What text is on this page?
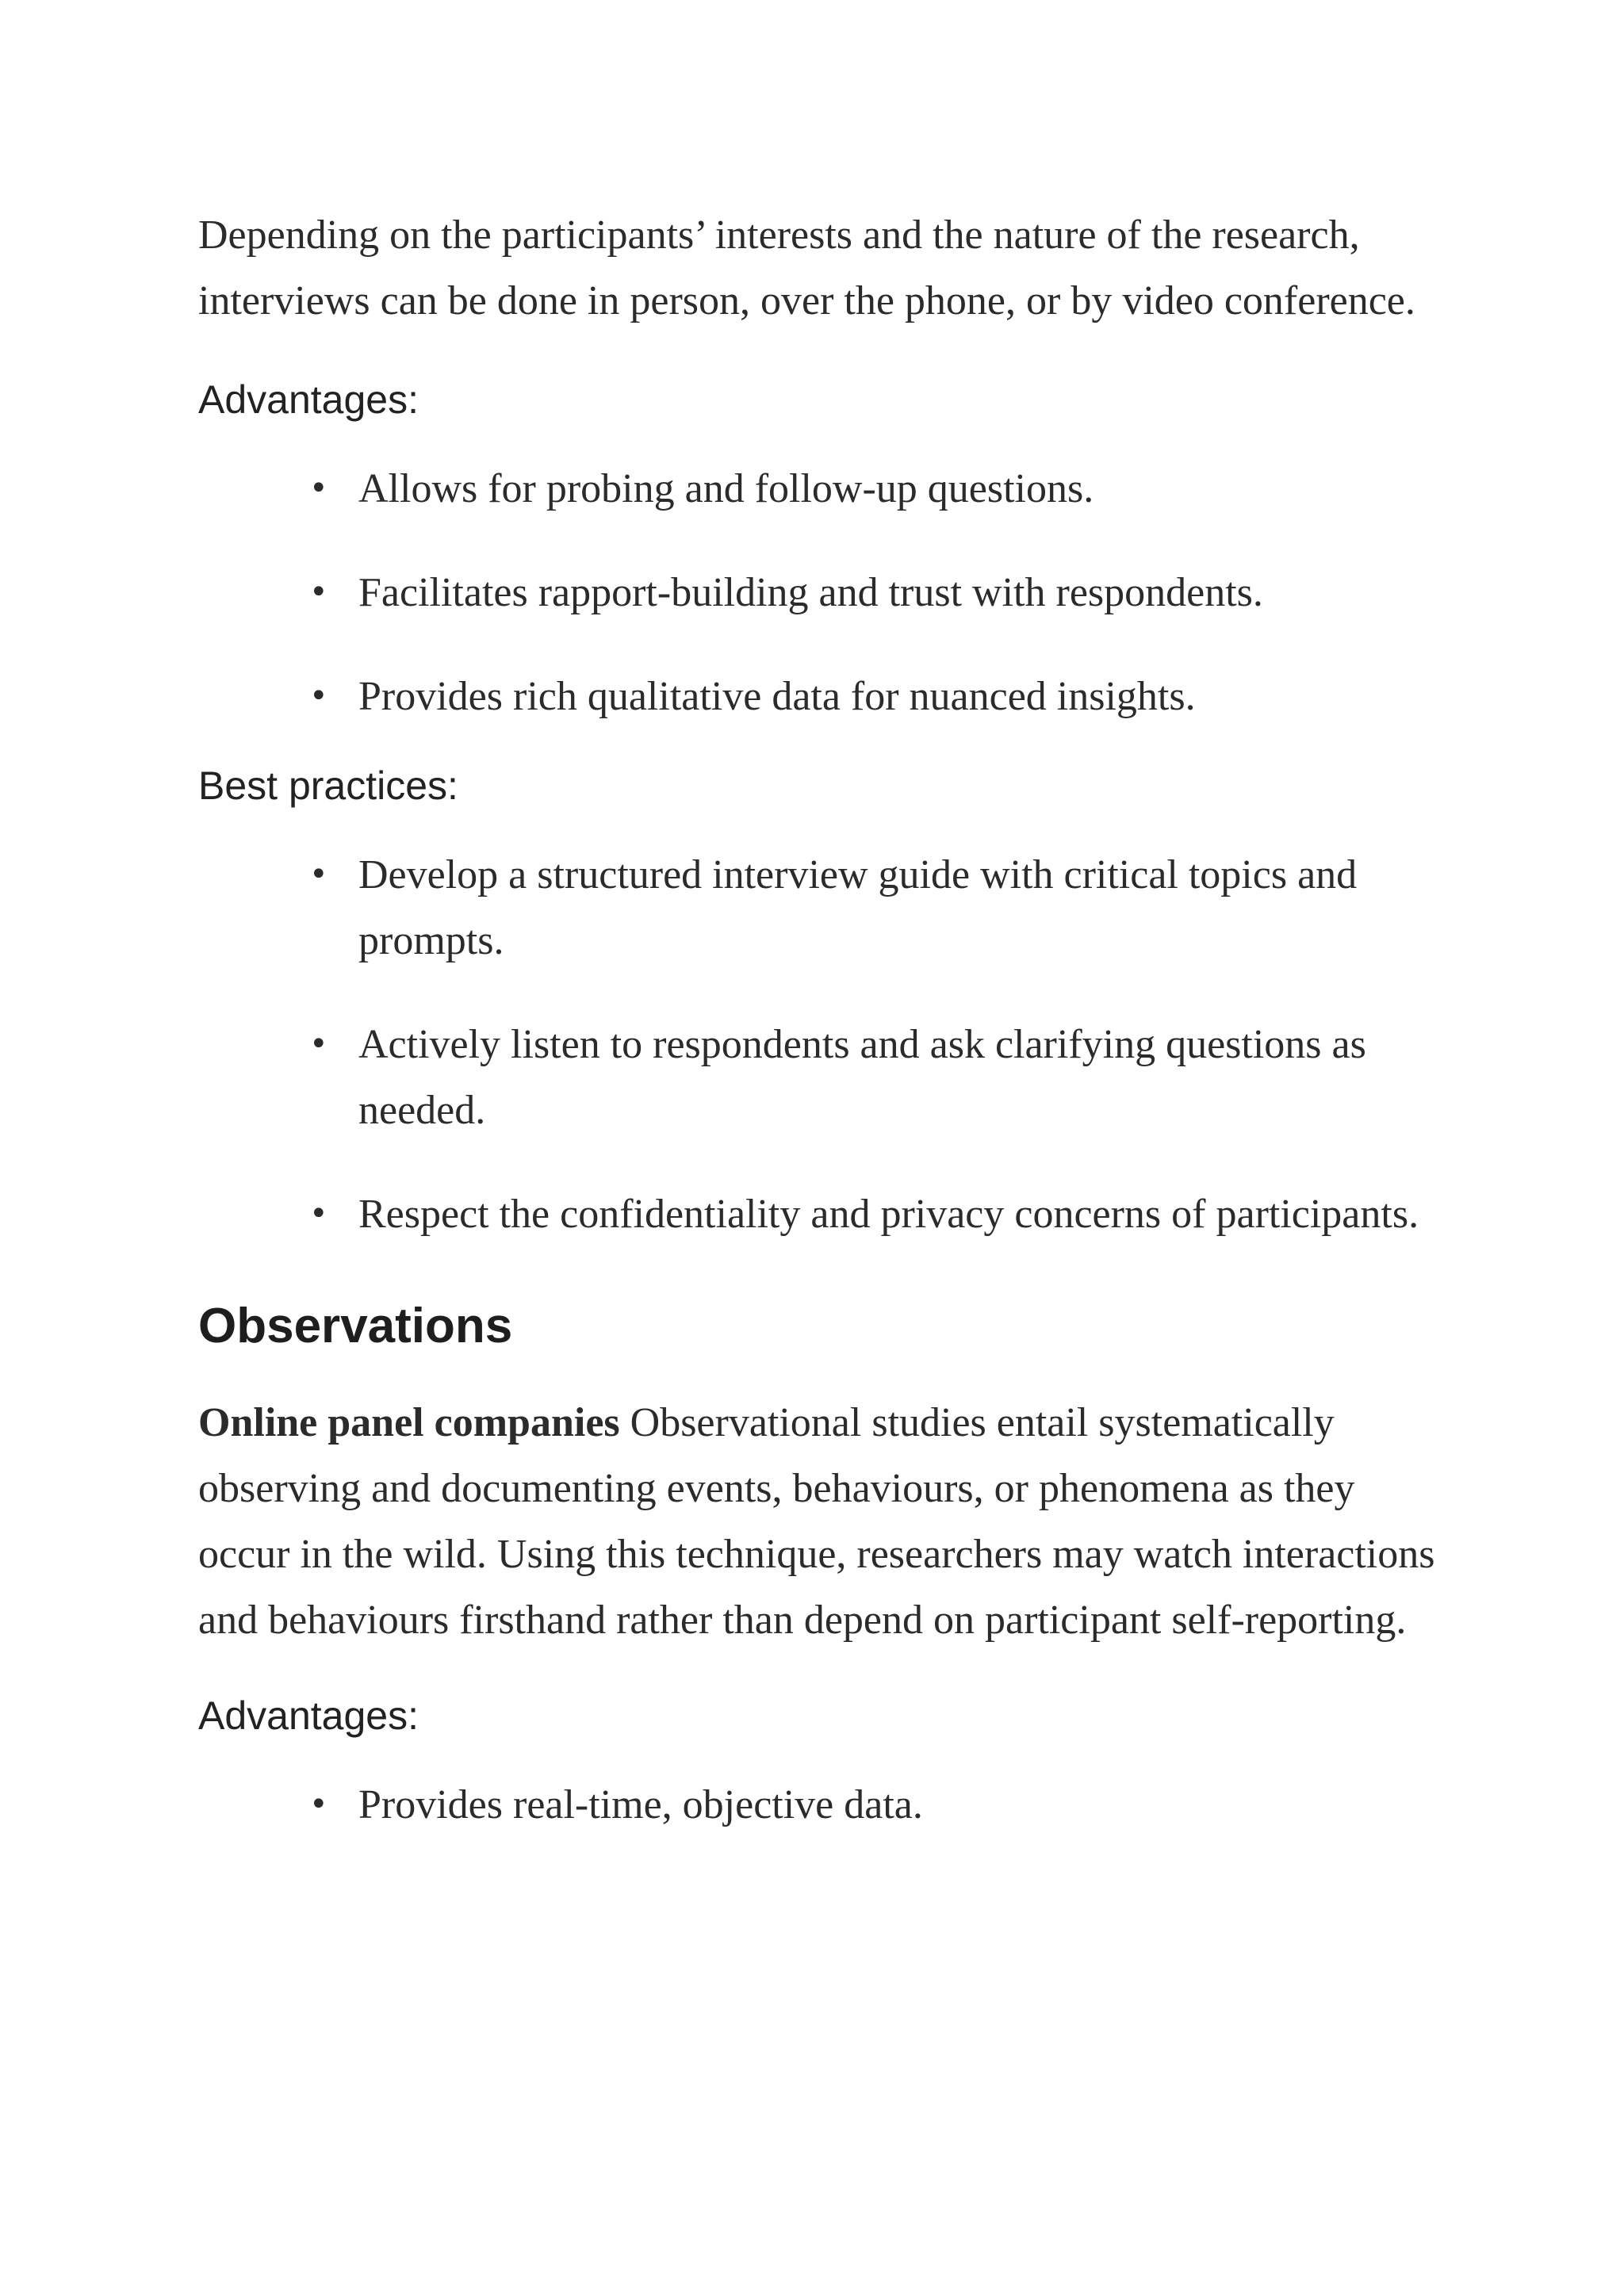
Depending on the participants’ interests and the nature of the research, interviews can be done in person, over the phone, or by video conference.

Advantages:

• Allows for probing and follow-up questions.
• Facilitates rapport-building and trust with respondents.
• Provides rich qualitative data for nuanced insights.

Best practices:

• Develop a structured interview guide with critical topics and prompts.
• Actively listen to respondents and ask clarifying questions as needed.
• Respect the confidentiality and privacy concerns of participants.
Observations

Online panel companies Observational studies entail systematically observing and documenting events, behaviours, or phenomena as they occur in the wild. Using this technique, researchers may watch interactions and behaviours firsthand rather than depend on participant self-reporting.

Advantages:

• Provides real-time, objective data.
